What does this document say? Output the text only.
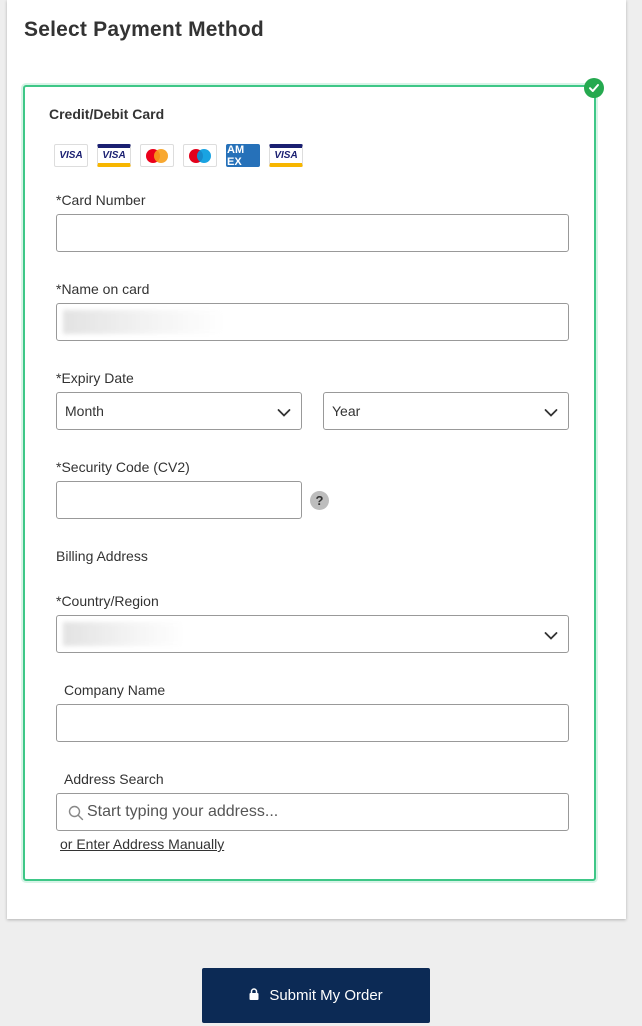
Select Payment Method
Credit/Debit Card
VISA VISA	AM EX	VISA
*Card Number
*Name on card
*Expiry Date
Month	Year
*Security Code (CV2)
?
Billing Address
*Country/Region
Company Name
Address Search
Start typing your address...
or Enter Address Manually
Submit My Order
